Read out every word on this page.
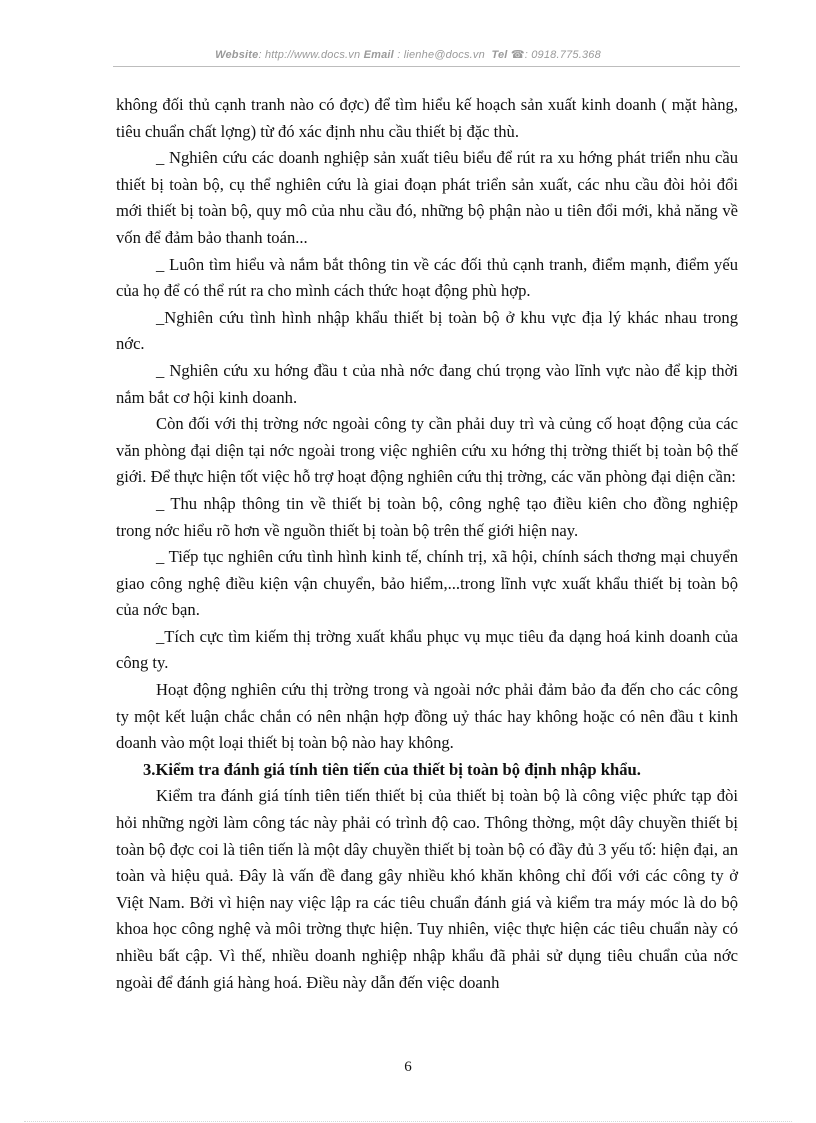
Website: http://www.docs.vn Email : lienhe@docs.vn Tel ☎: 0918.775.368

không đối thủ cạnh tranh nào có đợc) để tìm hiểu kế hoạch sản xuất kinh doanh ( mặt hàng, tiêu chuẩn chất lợng) từ đó xác định nhu cầu thiết bị đặc thù.

_ Nghiên cứu các doanh nghiệp sản xuất tiêu biểu để rút ra xu hớng phát triển nhu cầu thiết bị toàn bộ, cụ thể nghiên cứu là giai đoạn phát triển sản xuất, các nhu cầu đòi hỏi đổi mới thiết bị toàn bộ, quy mô của nhu cầu đó, những bộ phận nào u tiên đổi mới, khả năng về vốn để đảm bảo thanh toán...

_ Luôn tìm hiểu và nắm bắt thông tin về các đối thủ cạnh tranh, điểm mạnh, điểm yếu của họ để có thể rút ra cho mình cách thức hoạt động phù hợp.

_Nghiên cứu tình hình nhập khẩu thiết bị toàn bộ ở khu vực địa lý khác nhau trong nớc.

_ Nghiên cứu xu hớng đầu t của nhà nớc đang chú trọng vào lĩnh vực nào để kịp thời nắm bắt cơ hội kinh doanh.

Còn đối với thị trờng nớc ngoài công ty cần phải duy trì và củng cố hoạt động của các văn phòng đại diện tại nớc ngoài trong việc nghiên cứu xu hớng thị trờng thiết bị toàn bộ thế giới. Để thực hiện tốt việc hỗ trợ hoạt động nghiên cứu thị trờng, các văn phòng đại diện cần:

_ Thu nhập thông tin về thiết bị toàn bộ, công nghệ tạo điều kiên cho đồng nghiệp trong nớc hiểu rõ hơn về nguồn thiết bị toàn bộ trên thế giới hiện nay.

_ Tiếp tục nghiên cứu tình hình kinh tế, chính trị, xã hội, chính sách thơng mại chuyển giao công nghệ điều kiện vận chuyển, bảo hiểm,...trong lĩnh vực xuất khẩu thiết bị toàn bộ của nớc bạn.

_Tích cực tìm kiếm thị trờng xuất khẩu phục vụ mục tiêu đa dạng hoá kinh doanh của công ty.

Hoạt động nghiên cứu thị trờng trong và ngoài nớc phải đảm bảo đa đến cho các công ty một kết luận chắc chắn có nên nhận hợp đồng uỷ thác hay không hoặc có nên đầu t kinh doanh vào một loại thiết bị toàn bộ nào hay không.

3.Kiểm tra đánh giá tính tiên tiến của thiết bị toàn bộ định nhập khẩu.

Kiểm tra đánh giá tính tiên tiến thiết bị của thiết bị toàn bộ là công việc phức tạp đòi hỏi những ngời làm công tác này phải có trình độ cao. Thông thờng, một dây chuyền thiết bị toàn bộ đợc coi là tiên tiến là một dây chuyền thiết bị toàn bộ có đầy đủ 3 yếu tố: hiện đại, an toàn và hiệu quả. Đây là vấn đề đang gây nhiều khó khăn không chỉ đối với các công ty ở Việt Nam. Bởi vì hiện nay việc lập ra các tiêu chuẩn đánh giá và kiểm tra máy móc là do bộ khoa học công nghệ và môi trờng thực hiện. Tuy nhiên, việc thực hiện các tiêu chuẩn này có nhiều bất cập. Vì thế, nhiều doanh nghiệp nhập khẩu đã phải sử dụng tiêu chuẩn của nớc ngoài để đánh giá hàng hoá. Điều này dẫn đến việc doanh

6
